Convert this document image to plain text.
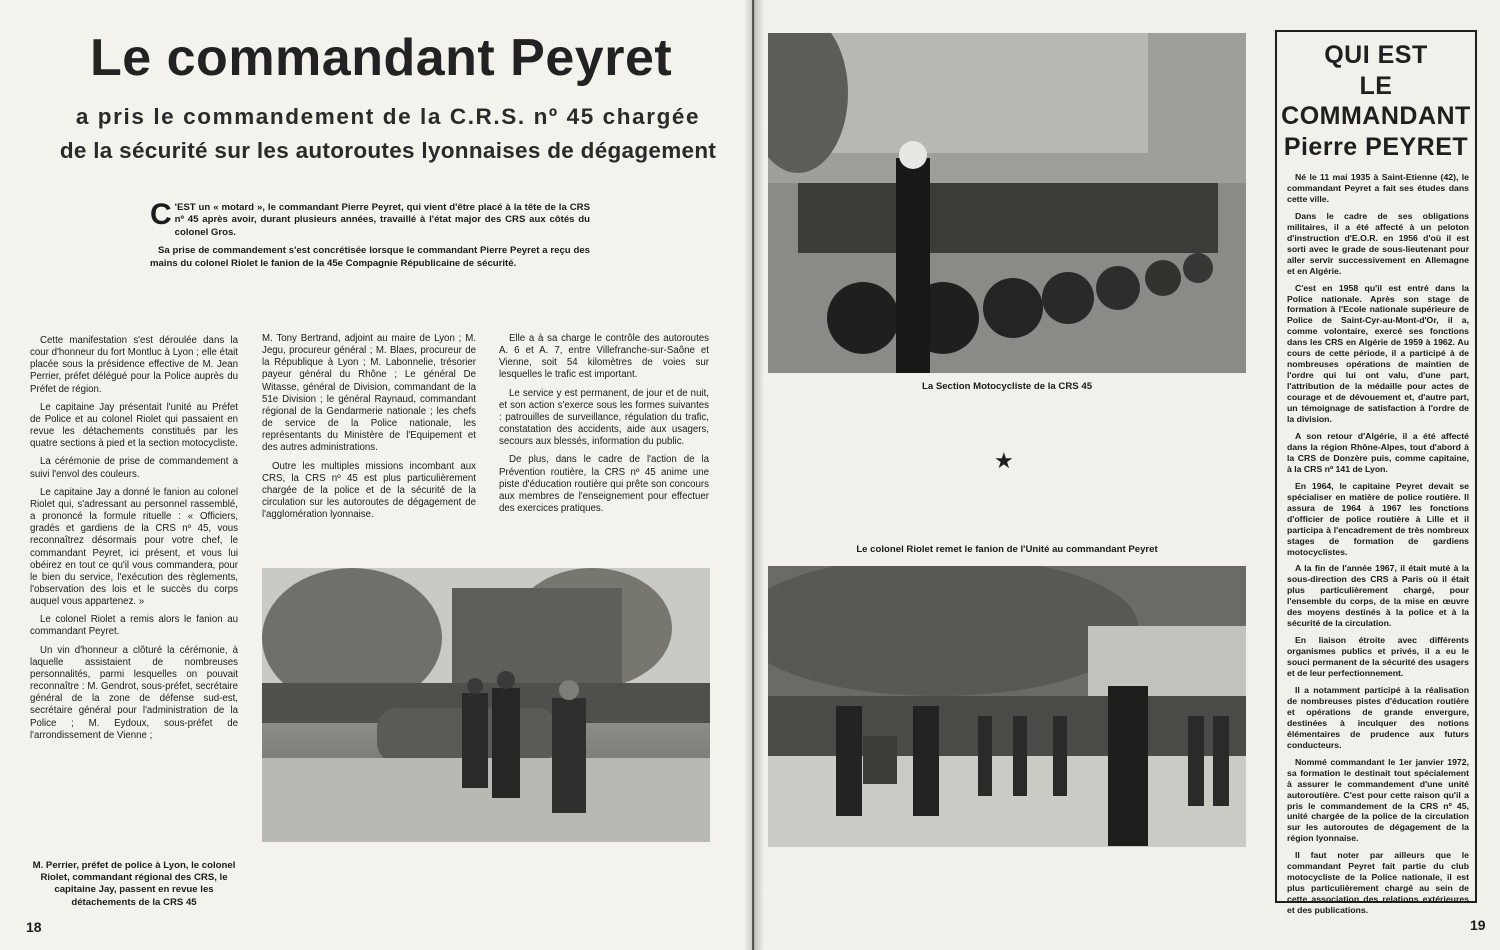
Le commandant Peyret
a pris le commandement de la C.R.S. nº 45 chargée
de la sécurité sur les autoroutes lyonnaises de dégagement

C 'EST un « motard », le commandant Pierre Peyret, qui vient d'être placé à la tête de la CRS nº 45 après avoir, durant plusieurs années, travaillé à l'état major des CRS aux côtés du colonel Gros.

Sa prise de commandement s'est concrétisée lorsque le commandant Pierre Peyret a reçu des mains du colonel Riolet le fanion de la 45e Compagnie Républicaine de sécurité.

Cette manifestation s'est déroulée dans la cour d'honneur du fort Montluc à Lyon ; elle était placée sous la présidence effective de M. Jean Perrier, préfet délégué pour la Police auprès du Préfet de région.

Le capitaine Jay présentait l'unité au Préfet de Police et au colonel Riolet qui passaient en revue les détachements constitués par les quatre sections à pied et la section motocycliste.

La cérémonie de prise de commandement a suivi l'envol des couleurs.

Le capitaine Jay a donné le fanion au colonel Riolet qui, s'adressant au personnel rassemblé, a prononcé la formule rituelle : « Officiers, gradés et gardiens de la CRS nº 45, vous reconnaîtrez désormais pour votre chef, le commandant Peyret, ici présent, et vous lui obéirez en tout ce qu'il vous commandera, pour le bien du service, l'exécution des règlements, l'observation des lois et le succès du corps auquel vous appartenez. »

Le colonel Riolet a remis alors le fanion au commandant Peyret.

Un vin d'honneur a clôturé la cérémonie, à laquelle assistaient de nombreuses personnalités, parmi lesquelles on pouvait reconnaître : M. Gendrot, sous-préfet, secrétaire général de la zone de défense sud-est, secrétaire général pour l'administration de la Police ; M. Eydoux, sous-préfet de l'arrondissement de Vienne ;

M. Tony Bertrand, adjoint au maire de Lyon ; M. Jegu, procureur général ; M. Blaes, procureur de la République à Lyon ; M. Labonnelie, trésorier payeur général du Rhône ; Le général De Witasse, général de Division, commandant de la 51e Division ; le général Raynaud, commandant régional de la Gendarmerie nationale ; les chefs de service de la Police nationale, les représentants du Ministère de l'Equipement et des autres administrations.

Outre les multiples missions incombant aux CRS, la CRS nº 45 est plus particulièrement chargée de la police et de la sécurité de la circulation sur les autoroutes de dégagement de l'agglomération lyonnaise.

Elle a à sa charge le contrôle des autoroutes A. 6 et A. 7, entre Villefranche-sur-Saône et Vienne, soit 54 kilomètres de voies sur lesquelles le trafic est important.

Le service y est permanent, de jour et de nuit, et son action s'exerce sous les formes suivantes : patrouilles de surveillance, régulation du trafic, constatation des accidents, aide aux usagers, secours aux blessés, information du public.

De plus, dans le cadre de l'action de la Prévention routière, la CRS nº 45 anime une piste d'éducation routière qui prête son concours aux membres de l'enseignement pour effectuer des exercices pratiques.

M. Perrier, préfet de police à Lyon, le colonel Riolet, commandant régional des CRS, le capitaine Jay, passent en revue les détachements de la CRS 45
18
La Section Motocycliste de la CRS 45
★
Le colonel Riolet remet le fanion de l'Unité au commandant Peyret
19
QUI EST
LE
COMMANDANT
Pierre PEYRET

Né le 11 mai 1935 à Saint-Etienne (42), le commandant Peyret a fait ses études dans cette ville.

Dans le cadre de ses obligations militaires, il a été affecté à un peloton d'instruction d'E.O.R. en 1956 d'où il est sorti avec le grade de sous-lieutenant pour aller servir successivement en Allemagne et en Algérie.

C'est en 1958 qu'il est entré dans la Police nationale. Après son stage de formation à l'Ecole nationale supérieure de Police de Saint-Cyr-au-Mont-d'Or, il a, comme volontaire, exercé ses fonctions dans les CRS en Algérie de 1959 à 1962. Au cours de cette période, il a participé à de nombreuses opérations de maintien de l'ordre qui lui ont valu, d'une part, l'attribution de la médaille pour actes de courage et de dévouement et, d'autre part, un témoignage de satisfaction à l'ordre de la division.

A son retour d'Algérie, il a été affecté dans la région Rhône-Alpes, tout d'abord à la CRS de Donzère puis, comme capitaine, à la CRS nº 141 de Lyon.

En 1964, le capitaine Peyret devait se spécialiser en matière de police routière. Il assura de 1964 à 1967 les fonctions d'officier de police routière à Lille et il participa à l'encadrement de très nombreux stages de formation de gardiens motocyclistes.

A la fin de l'année 1967, il était muté à la sous-direction des CRS à Paris où il était plus particulièrement chargé, pour l'ensemble du corps, de la mise en œuvre des moyens destinés à la police et à la sécurité de la circulation.

En liaison étroite avec différents organismes publics et privés, il a eu le souci permanent de la sécurité des usagers et de leur perfectionnement.

Il a notamment participé à la réalisation de nombreuses pistes d'éducation routière et opérations de grande envergure, destinées à inculquer des notions élémentaires de prudence aux futurs conducteurs.

Nommé commandant le 1er janvier 1972, sa formation le destinait tout spécialement à assurer le commandement d'une unité autoroutière. C'est pour cette raison qu'il a pris le commandement de la CRS nº 45, unité chargée de la police de la circulation sur les autoroutes de dégagement de la région lyonnaise.

Il faut noter par ailleurs que le commandant Peyret fait partie du club motocycliste de la Police nationale, il est plus particulièrement chargé au sein de cette association des relations extérieures et des publications.
